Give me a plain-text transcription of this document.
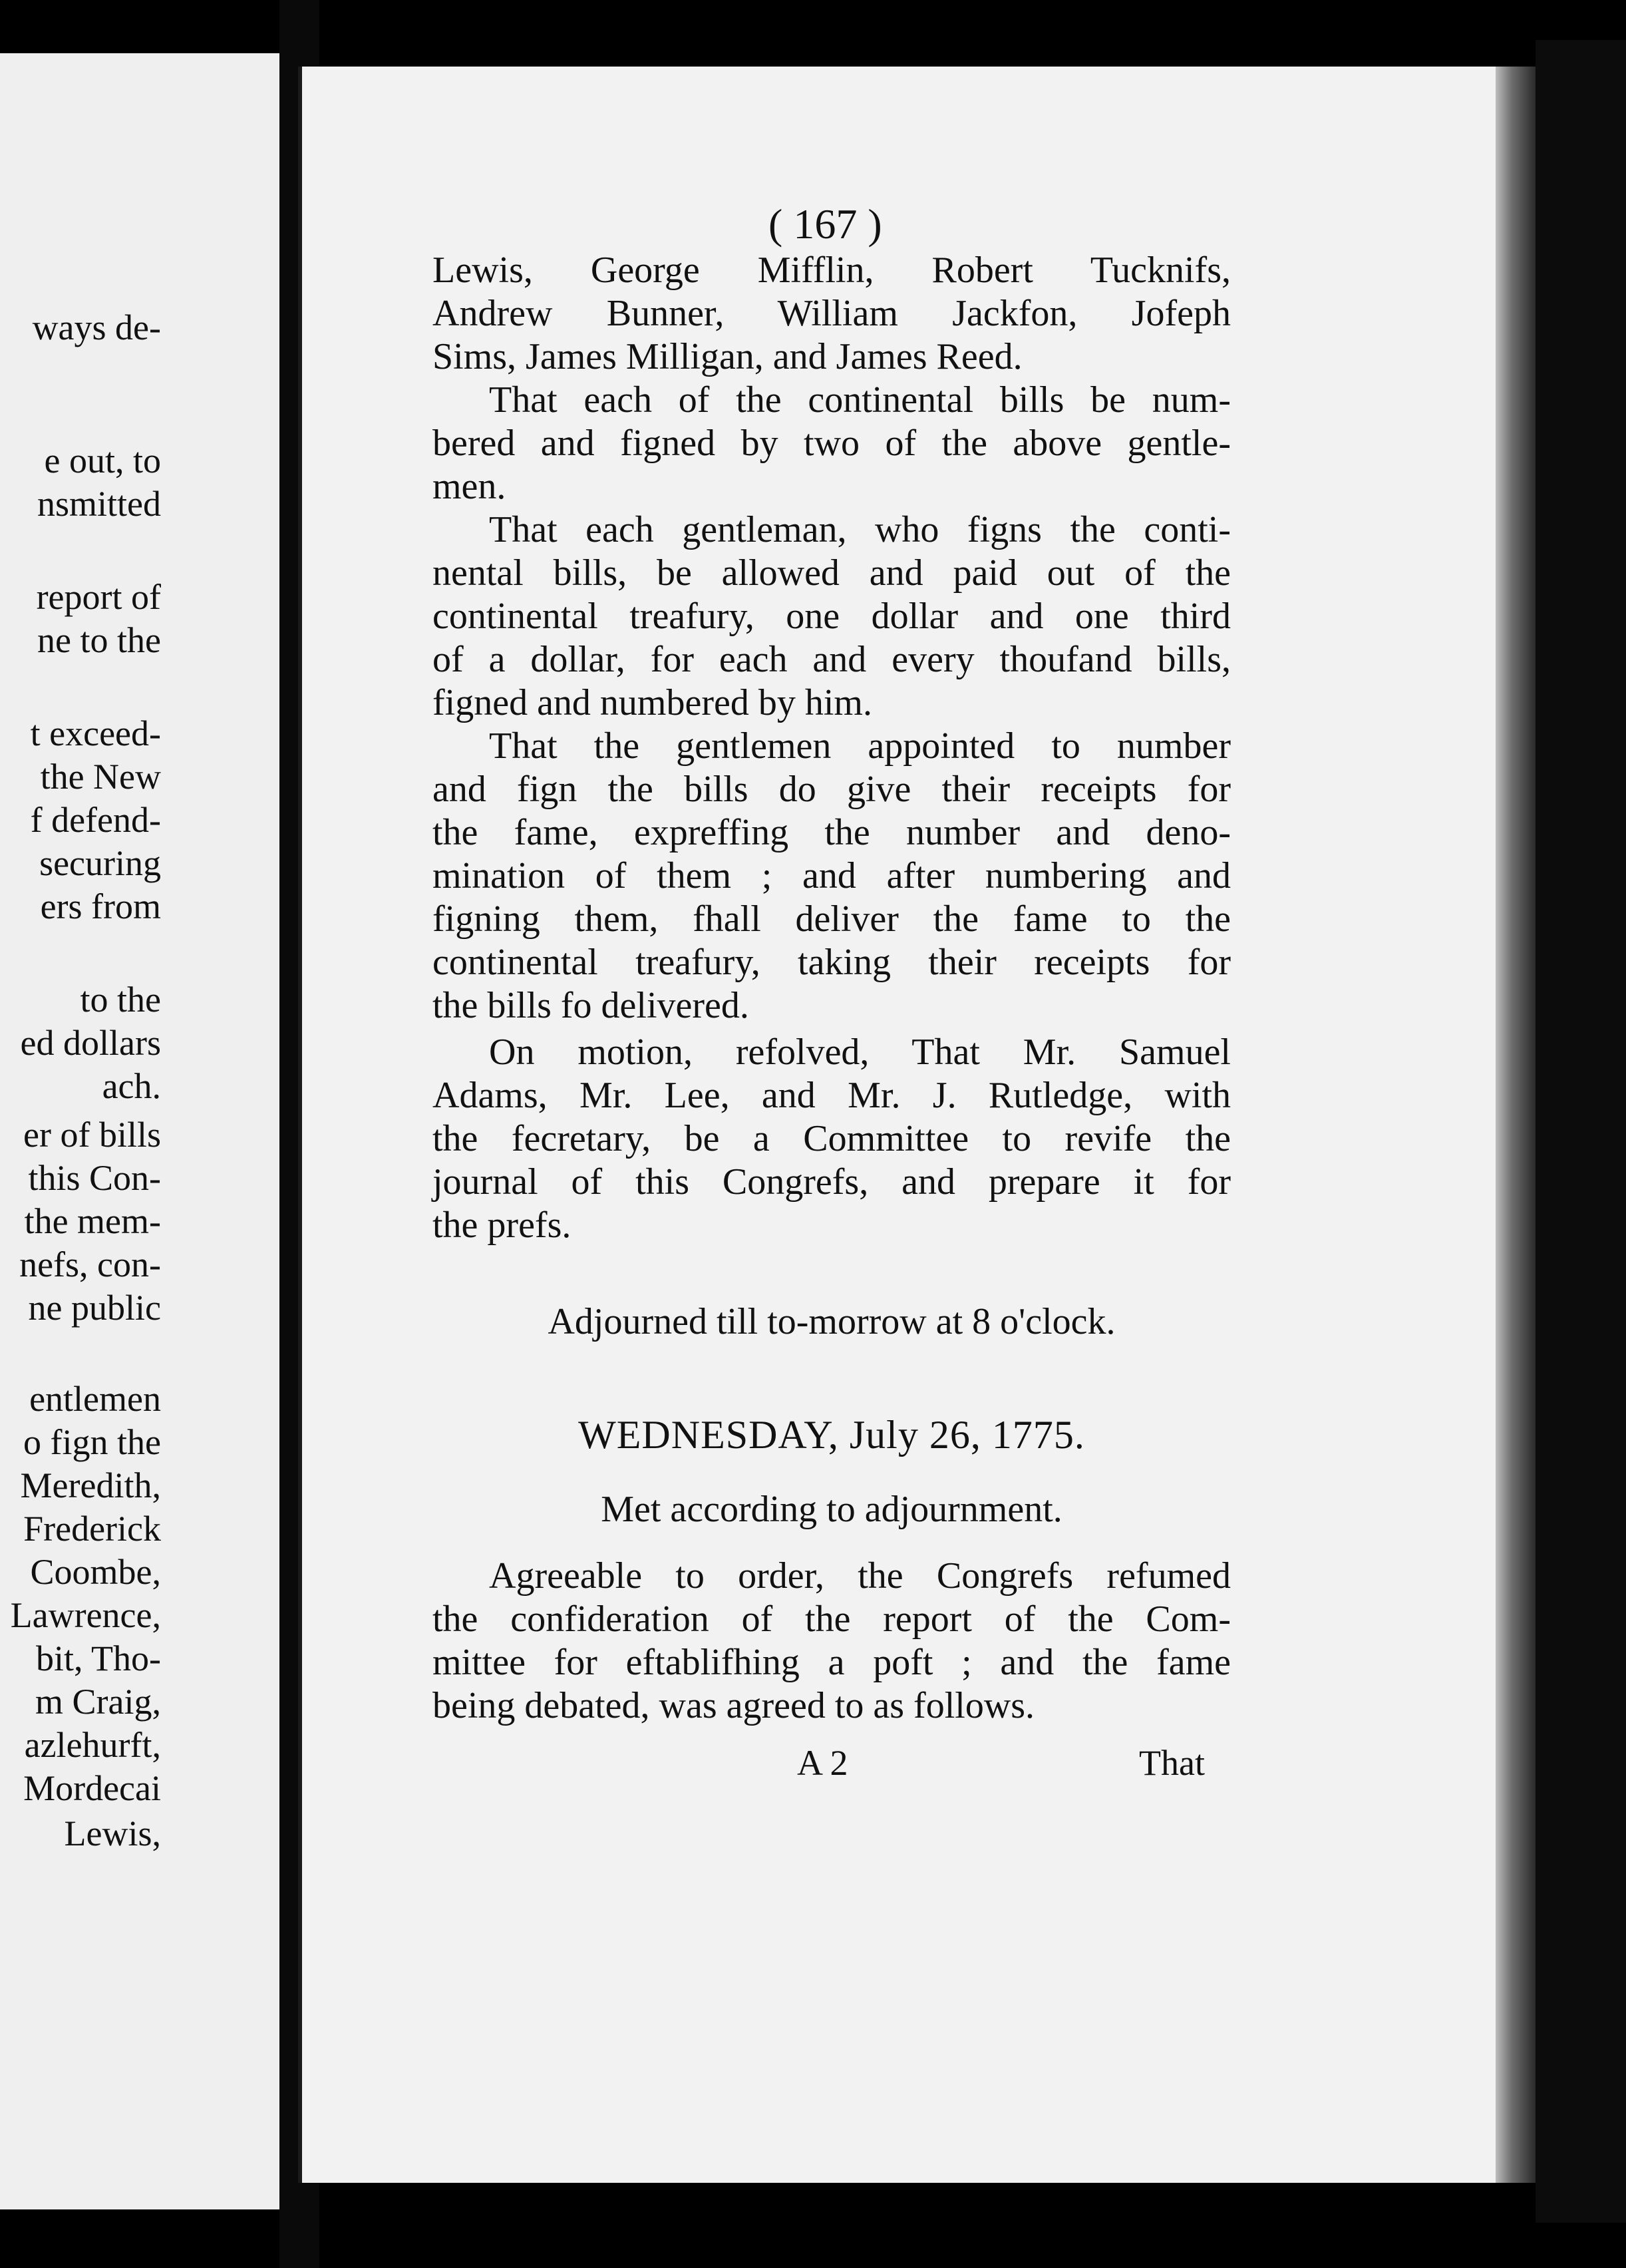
ways de-
e out, to
nsmitted
report of
ne to the
t exceed-
the New
f defend-
securing
ers from
to the
ed dollars
ach.
er of bills
this Con-
the mem-
nefs, con-
ne public
entlemen
o fign the
Meredith,
Frederick
Coombe,
Lawrence,
bit, Tho-
m Craig,
azlehurft,
Mordecai
Lewis,
( 167 )
Lewis, George Mifflin, Robert Tucknifs,
Andrew Bunner, William Jackfon, Jofeph
Sims, James Milligan, and James Reed.
That each of the continental bills be num-
bered and figned by two of the above gentle-
men.
That each gentleman, who figns the conti-
nental bills, be allowed and paid out of the
continental treafury, one dollar and one third
of a dollar, for each and every thoufand bills,
figned and numbered by him.
That the gentlemen appointed to number
and fign the bills do give their receipts for
the fame, expreffing the number and deno-
mination of them ; and after numbering and
figning them, fhall deliver the fame to the
continental treafury, taking their receipts for
the bills fo delivered.
On motion, refolved, That Mr. Samuel
Adams, Mr. Lee, and Mr. J. Rutledge, with
the fecretary, be a Committee to revife the
journal of this Congrefs, and prepare it for
the prefs.
Adjourned till to-morrow at 8 o'clock.
WEDNESDAY, July 26, 1775.
Met according to adjournment.
Agreeable to order, the Congrefs refumed
the confideration of the report of the Com-
mittee for eftablifhing a poft ; and the fame
being debated, was agreed to as follows.
A 2	That
